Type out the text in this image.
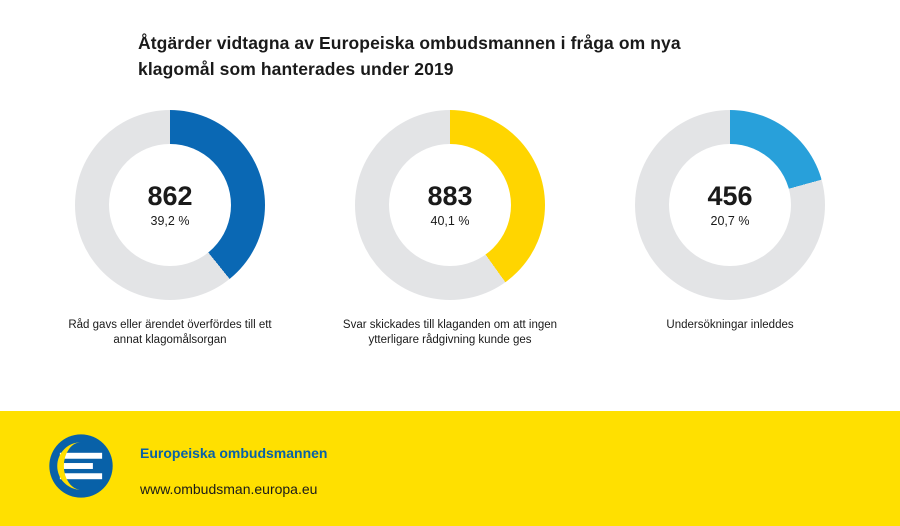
Åtgärder vidtagna av Europeiska ombudsmannen i fråga om nya klagomål som hanterades under 2019
862
39,2 %
Råd gavs eller ärendet överfördes till ett annat klagomålsorgan
883
40,1 %
Svar skickades till klaganden om att ingen ytterligare rådgivning kunde ges
456
20,7 %
Undersökningar inleddes
Europeiska ombudsmannen
www.ombudsman.europa.eu
